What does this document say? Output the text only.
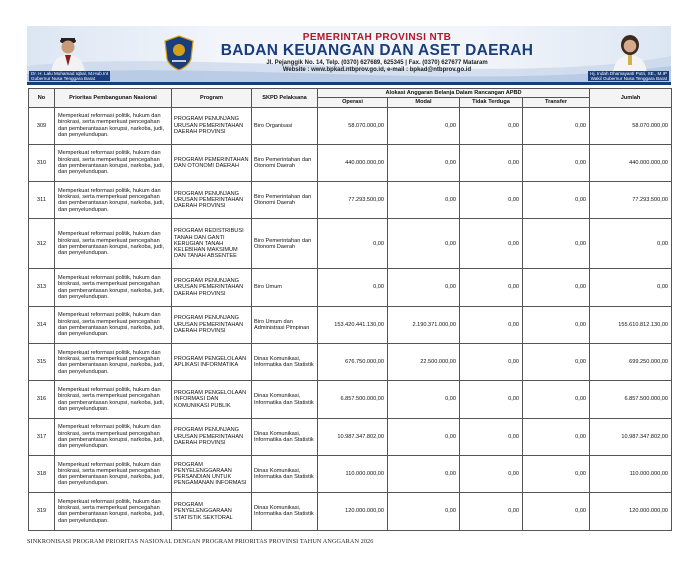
PEMERINTAH PROVINSI NTB
BADAN KEUANGAN DAN ASET DAERAH
Jl. Pejanggik No. 14, Telp. (0370) 627689, 625345 | Fax. (0370) 627677 Mataram
Website : www.bpkad.ntbprov.go.id, e-mail : bpkad@ntbprov.go.id
Dr. H. Lalu Muhamad Iqbal, M.Hub.Int
Gubernur Nusa Tenggara Barat
Hj. Indah Dhamayanti Putri, SE., M.IP
Wakil Gubernur Nusa Tenggara Barat
No	Prioritas Pembangunan Nasional	Program	SKPD Pelaksana	Alokasi Anggaran Belanja Dalam Rancangan APBD				Jumlah
				Operasi	Modal	Tidak Terduga	Transfer	
309	Memperkuat reformasi politik, hukum dan birokrasi, serta memperkuat pencegahan dan pemberantasan korupsi, narkoba, judi, dan penyelundupan.	PROGRAM PENUNJANG URUSAN PEMERINTAHAN DAERAH PROVINSI	Biro Organisasi	58.070.000,00	0,00	0,00	0,00	58.070.000,00
310	Memperkuat reformasi politik, hukum dan birokrasi, serta memperkuat pencegahan dan pemberantasan korupsi, narkoba, judi, dan penyelundupan.	PROGRAM PEMERINTAHAN DAN OTONOMI DAERAH	Biro Pemerintahan dan Otonomi Daerah	440.000.000,00	0,00	0,00	0,00	440.000.000,00
311	Memperkuat reformasi politik, hukum dan birokrasi, serta memperkuat pencegahan dan pemberantasan korupsi, narkoba, judi, dan penyelundupan.	PROGRAM PENUNJANG URUSAN PEMERINTAHAN DAERAH PROVINSI	Biro Pemerintahan dan Otonomi Daerah	77.293.500,00	0,00	0,00	0,00	77.293.500,00
312	Memperkuat reformasi politik, hukum dan birokrasi, serta memperkuat pencegahan dan pemberantasan korupsi, narkoba, judi, dan penyelundupan.	PROGRAM REDISTRIBUSI TANAH DAN GANTI KERUGIAN TANAH KELEBIHAN MAKSIMUM DAN TANAH ABSENTEE	Biro Pemerintahan dan Otonomi Daerah	0,00	0,00	0,00	0,00	0,00
313	Memperkuat reformasi politik, hukum dan birokrasi, serta memperkuat pencegahan dan pemberantasan korupsi, narkoba, judi, dan penyelundupan.	PROGRAM PENUNJANG URUSAN PEMERINTAHAN DAERAH PROVINSI	Biro Umum	0,00	0,00	0,00	0,00	0,00
314	Memperkuat reformasi politik, hukum dan birokrasi, serta memperkuat pencegahan dan pemberantasan korupsi, narkoba, judi, dan penyelundupan.	PROGRAM PENUNJANG URUSAN PEMERINTAHAN DAERAH PROVINSI	Biro Umum dan Administrasi Pimpinan	153.420.441.130,00	2.190.371.000,00	0,00	0,00	155.610.812.130,00
315	Memperkuat reformasi politik, hukum dan birokrasi, serta memperkuat pencegahan dan pemberantasan korupsi, narkoba, judi, dan penyelundupan.	PROGRAM PENGELOLAAN APLIKASI INFORMATIKA	Dinas Komunikasi, Informatika dan Statistik	676.750.000,00	22.500.000,00	0,00	0,00	699.250.000,00
316	Memperkuat reformasi politik, hukum dan birokrasi, serta memperkuat pencegahan dan pemberantasan korupsi, narkoba, judi, dan penyelundupan.	PROGRAM PENGELOLAAN INFORMASI DAN KOMUNIKASI PUBLIK	Dinas Komunikasi, Informatika dan Statistik	6.857.500.000,00	0,00	0,00	0,00	6.857.500.000,00
317	Memperkuat reformasi politik, hukum dan birokrasi, serta memperkuat pencegahan dan pemberantasan korupsi, narkoba, judi, dan penyelundupan.	PROGRAM PENUNJANG URUSAN PEMERINTAHAN DAERAH PROVINSI	Dinas Komunikasi, Informatika dan Statistik	10.987.347.802,00	0,00	0,00	0,00	10.987.347.802,00
318	Memperkuat reformasi politik, hukum dan birokrasi, serta memperkuat pencegahan dan pemberantasan korupsi, narkoba, judi, dan penyelundupan.	PROGRAM PENYELENGGARAAN PERSANDIAN UNTUK PENGAMANAN INFORMASI	Dinas Komunikasi, Informatika dan Statistik	110.000.000,00	0,00	0,00	0,00	110.000.000,00
319	Memperkuat reformasi politik, hukum dan birokrasi, serta memperkuat pencegahan dan pemberantasan korupsi, narkoba, judi, dan penyelundupan.	PROGRAM PENYELENGGARAAN STATISTIK SEKTORAL	Dinas Komunikasi, Informatika dan Statistik	120.000.000,00	0,00	0,00	0,00	120.000.000,00
SINKRONISASI PROGRAM PRIORITAS NASIONAL DENGAN PROGRAM PRIORITAS PROVINSI TAHUN ANGGARAN 2026
